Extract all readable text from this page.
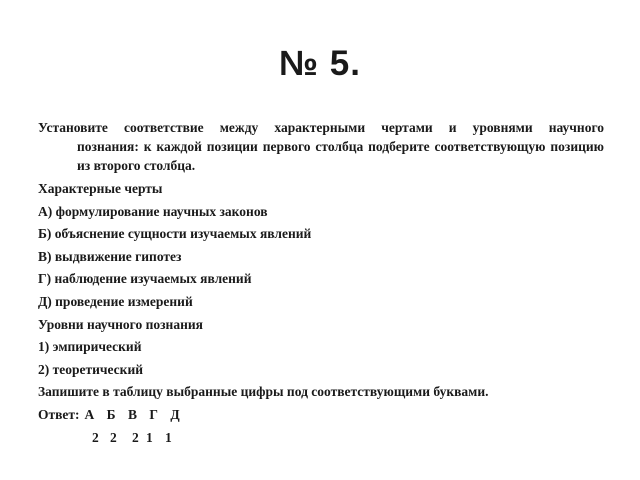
№ 5.

Установите соответствие между характерными чертами и уровнями научного
познания: к каждой позиции первого столбца подберите соответствующую позицию из второго столбца.

Характерные черты

А) формулирование научных законов

Б) объяснение сущности изучаемых явлений

В) выдвижение гипотез

Г) наблюдение изучаемых явлений

Д) проведение измерений

Уровни научного познания

1) эмпирический

2) теоретический

Запишите в таблицу выбранные цифры под соответствующими буквами.

Ответ: А Б В Г Д
2 2 2 1 1
